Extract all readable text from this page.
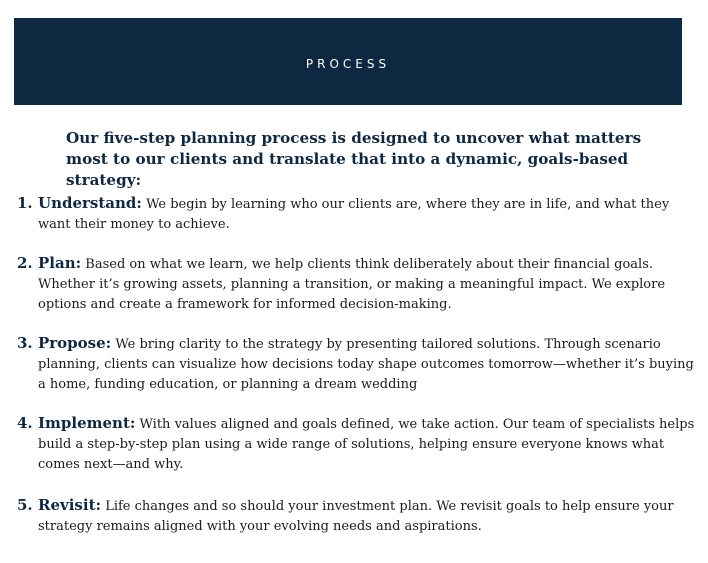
process
Our five-step planning process is designed to uncover what matters most to our clients and translate that into a dynamic, goals-based strategy:
1. Understand: We begin by learning who our clients are, where they are in life, and what they want their money to achieve.
2. Plan: Based on what we learn, we help clients think deliberately about their financial goals. Whether it’s growing assets, planning a transition, or making a meaningful impact. We explore options and create a framework for informed decision-making.
3. Propose: We bring clarity to the strategy by presenting tailored solutions. Through scenario planning, clients can visualize how decisions today shape outcomes tomorrow—whether it’s buying a home, funding education, or planning a dream wedding
4. Implement: With values aligned and goals defined, we take action. Our team of specialists helps build a step-by-step plan using a wide range of solutions, helping ensure everyone knows what comes next—and why.
5. Revisit: Life changes and so should your investment plan. We revisit goals to help ensure your strategy remains aligned with your evolving needs and aspirations.
